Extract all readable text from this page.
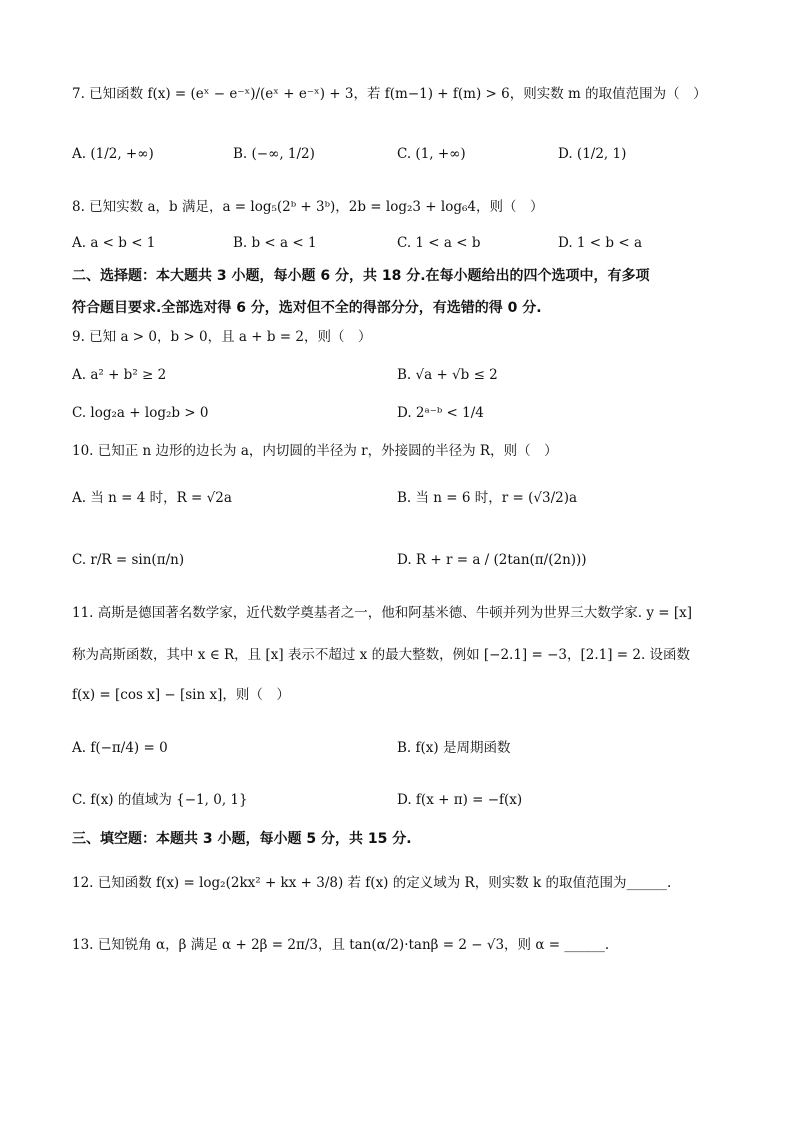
7. 已知函数 f(x) = (eˣ − e⁻ˣ)/(eˣ + e⁻ˣ) + 3，若 f(m−1) + f(m) > 6，则实数 m 的取值范围为（　）
A. (1/2, +∞)	B. (−∞, 1/2)	C. (1, +∞)	D. (1/2, 1)
8. 已知实数 a，b 满足，a = log₅(2ᵇ + 3ᵇ)，2b = log₂3 + log₆4，则（　）
A. a < b < 1	B. b < a < 1	C. 1 < a < b	D. 1 < b < a
二、选择题：本大题共 3 小题，每小题 6 分，共 18 分.在每小题给出的四个选项中，有多项
符合题目要求.全部选对得 6 分，选对但不全的得部分分，有选错的得 0 分.
9. 已知 a > 0，b > 0，且 a + b = 2，则（　）
A. a² + b² ≥ 2	B. √a + √b ≤ 2
C. log₂a + log₂b > 0	D. 2ᵃ⁻ᵇ < 1/4
10. 已知正 n 边形的边长为 a，内切圆的半径为 r，外接圆的半径为 R，则（　）
A. 当 n = 4 时，R = √2a	B. 当 n = 6 时，r = (√3/2)a
C. r/R = sin(π/n)	D. R + r = a / (2tan(π/(2n)))
11. 高斯是德国著名数学家，近代数学奠基者之一，他和阿基米德、牛顿并列为世界三大数学家. y = [x]
称为高斯函数，其中 x ∈ R，且 [x] 表示不超过 x 的最大整数，例如 [−2.1] = −3，[2.1] = 2. 设函数
f(x) = [cos x] − [sin x]，则（　）
A. f(−π/4) = 0	B. f(x) 是周期函数
C. f(x) 的值域为 {−1, 0, 1}	D. f(x + π) = −f(x)
三、填空题：本题共 3 小题，每小题 5 分，共 15 分.
12. 已知函数 f(x) = log₂(2kx² + kx + 3/8) 若 f(x) 的定义域为 R，则实数 k 的取值范围为______.
13. 已知锐角 α，β 满足 α + 2β = 2π/3，且 tan(α/2)·tanβ = 2 − √3，则 α = ______.
